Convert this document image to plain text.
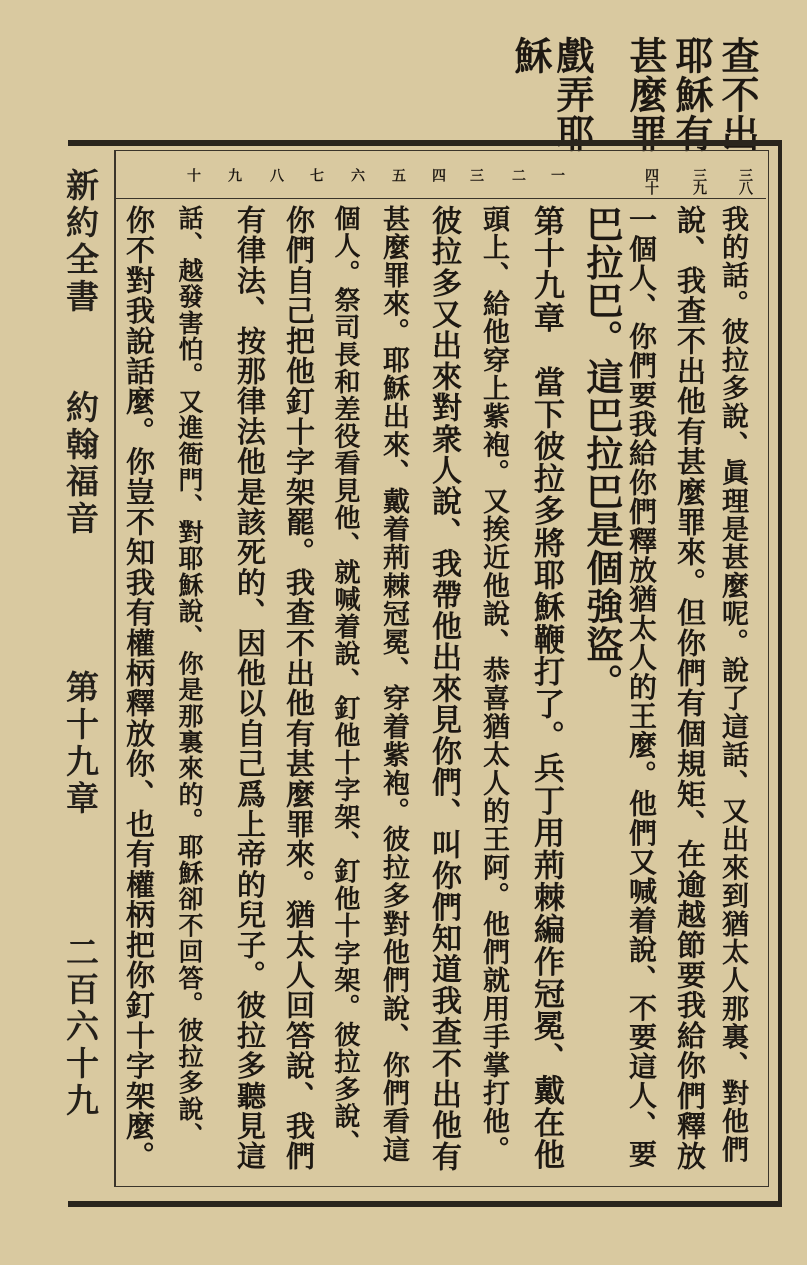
查不出
耶穌有
甚麼罪
戲弄耶
穌
三八
三九
四十
一
二
三
四
五
六
七
八
九
十
新約全書
約翰福音
第十九章
二百六十九	我的話。彼拉多說、眞理是甚麼呢。說了這話、又出來到猶太人那裏、對他們
說、我查不出他有甚麼罪來。但你們有個規矩、在逾越節要我給你們釋放
一個人、你們要我給你們釋放猶太人的王麼。他們又喊着說、不要這人、要
巴拉巴。這巴拉巴是個強盜。
第十九章　當下彼拉多將耶穌鞭打了。兵丁用荊棘編作冠冕、戴在他
頭上、給他穿上紫袍。又挨近他說、恭喜猶太人的王阿。他們就用手掌打他。
彼拉多又出來對衆人說、我帶他出來見你們、叫你們知道我查不出他有
甚麼罪來。耶穌出來、戴着荊棘冠冕、穿着紫袍。彼拉多對他們說、你們看這
個人。祭司長和差役看見他、就喊着說、釘他十字架、釘他十字架。彼拉多說、
你們自己把他釘十字架罷。我查不出他有甚麼罪來。猶太人回答說、我們
有律法、按那律法他是該死的、因他以自己爲上帝的兒子。彼拉多聽見這
話、越發害怕。又進衙門、對耶穌說、你是那裏來的。耶穌卻不回答。彼拉多說、
你不對我說話麼。你豈不知我有權柄釋放你、也有權柄把你釘十字架麼。
